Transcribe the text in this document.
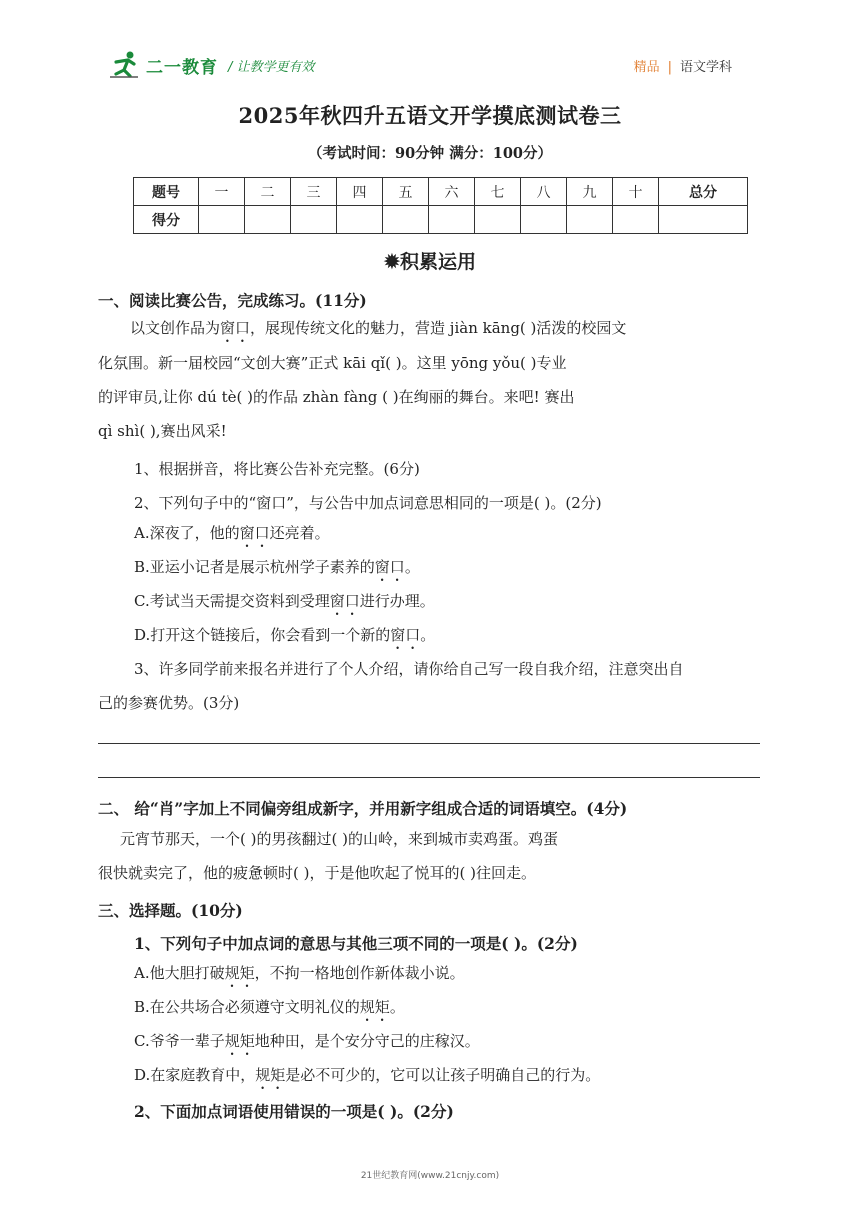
二一教育 / 让教学更有效	精品 | 语文学科
2025年秋四升五语文开学摸底测试卷三
（考试时间：90分钟 满分：100分）
题号	一	二	三	四	五	六	七	八	九	十	总分
得分											
✹积累运用
一、阅读比赛公告，完成练习。(11分)
以文创作品为窗口，展现传统文化的魅力，营造 jiàn kāng( )活泼的校园文
化氛围。新一届校园“文创大赛”正式 kāi qǐ( )。这里 yōng yǒu( )专业
的评审员,让你 dú tè( )的作品 zhàn fàng ( )在绚丽的舞台。来吧! 赛出
qì shì( ),赛出风采!
1、根据拼音，将比赛公告补充完整。(6分)
2、下列句子中的“窗口”，与公告中加点词意思相同的一项是( )。(2分)
A.深夜了，他的窗口还亮着。
B.亚运小记者是展示杭州学子素养的窗口。
C.考试当天需提交资料到受理窗口进行办理。
D.打开这个链接后，你会看到一个新的窗口。
3、许多同学前来报名并进行了个人介绍，请你给自己写一段自我介绍，注意突出自
己的参赛优势。(3分)
二、 给“肖”字加上不同偏旁组成新字，并用新字组成合适的词语填空。(4分)
元宵节那天，一个( )的男孩翻过( )的山岭，来到城市卖鸡蛋。鸡蛋
很快就卖完了，他的疲惫顿时( )，于是他吹起了悦耳的( )往回走。
三、选择题。(10分)
1、下列句子中加点词的意思与其他三项不同的一项是( )。(2分)
A.他大胆打破规矩，不拘一格地创作新体裁小说。
B.在公共场合必须遵守文明礼仪的规矩。
C.爷爷一辈子规矩地种田，是个安分守己的庄稼汉。
D.在家庭教育中，规矩是必不可少的，它可以让孩子明确自己的行为。
2、下面加点词语使用错误的一项是( )。(2分)
21世纪教育网(www.21cnjy.com)
